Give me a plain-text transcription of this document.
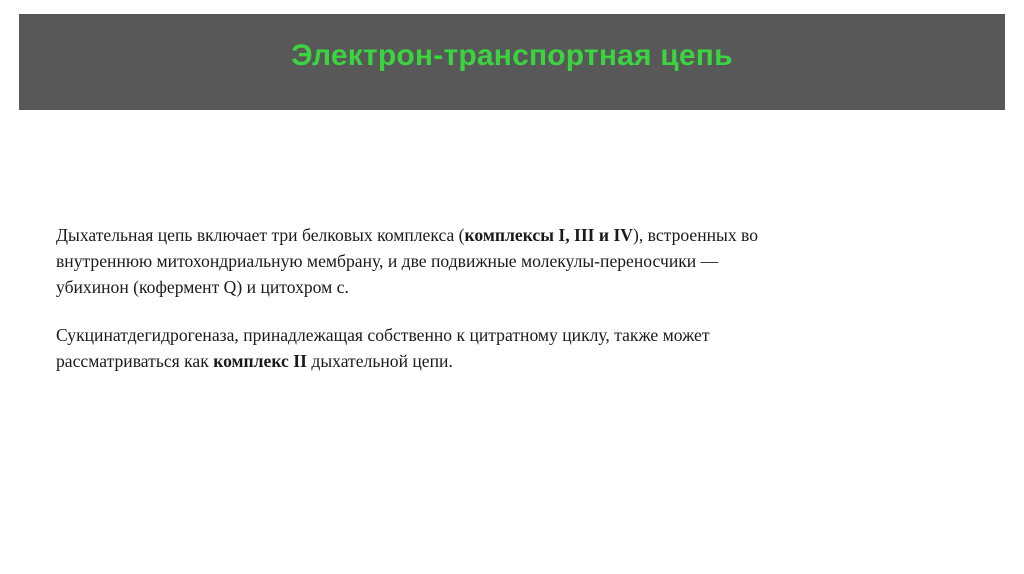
Электрон-транспортная цепь

Дыхательная цепь включает три белковых комплекса (комплексы I, III и IV), встроенных во
внутреннюю митохондриальную мембрану, и две подвижные молекулы-переносчики —
убихинон (кофермент Q) и цитохром c.

Сукцинатдегидрогеназа, принадлежащая собственно к цитратному циклу, также может
рассматриваться как комплекс II дыхательной цепи.
